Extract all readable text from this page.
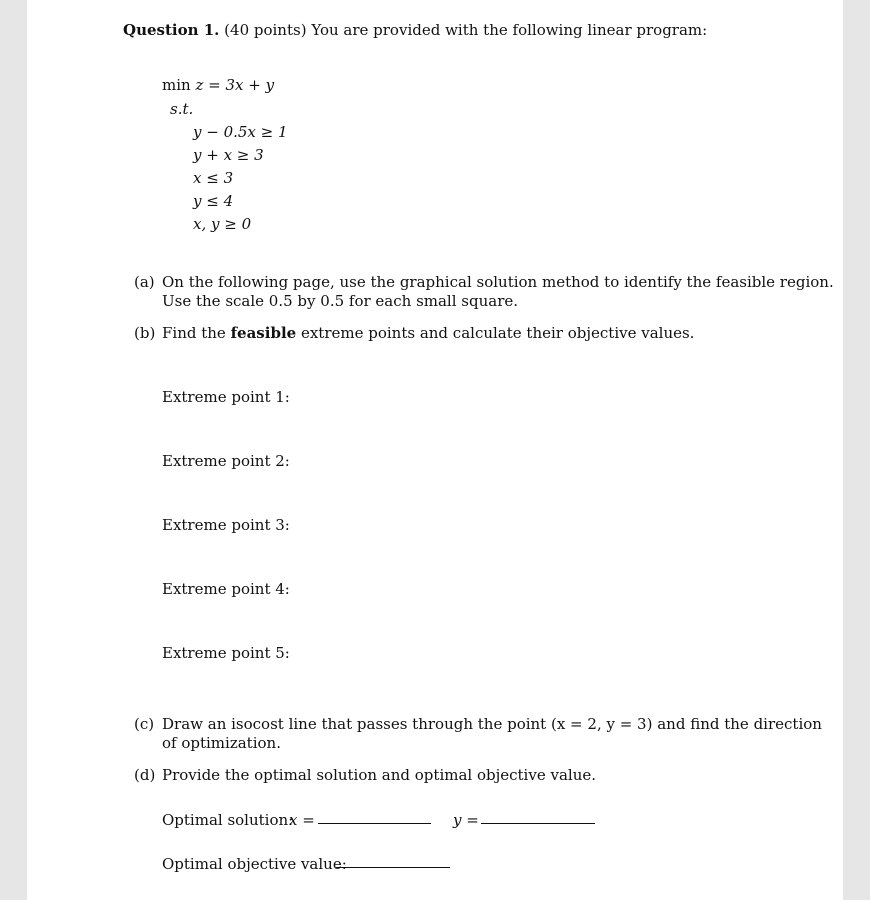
Question 1. (40 points) You are provided with the following linear program:
min z = 3x + y
s.t.
y − 0.5x ≥ 1
y + x ≥ 3
x ≤ 3
y ≤ 4
x, y ≥ 0
(a) On the following page, use the graphical solution method to identify the feasible region.
Use the scale 0.5 by 0.5 for each small square.
(b) Find the feasible extreme points and calculate their objective values.
Extreme point 1:
Extreme point 2:
Extreme point 3:
Extreme point 4:
Extreme point 5:
(c) Draw an isocost line that passes through the point (x = 2, y = 3) and find the direction
of optimization.
(d) Provide the optimal solution and optimal objective value.
Optimal solution:
x =	y =
Optimal objective value:
